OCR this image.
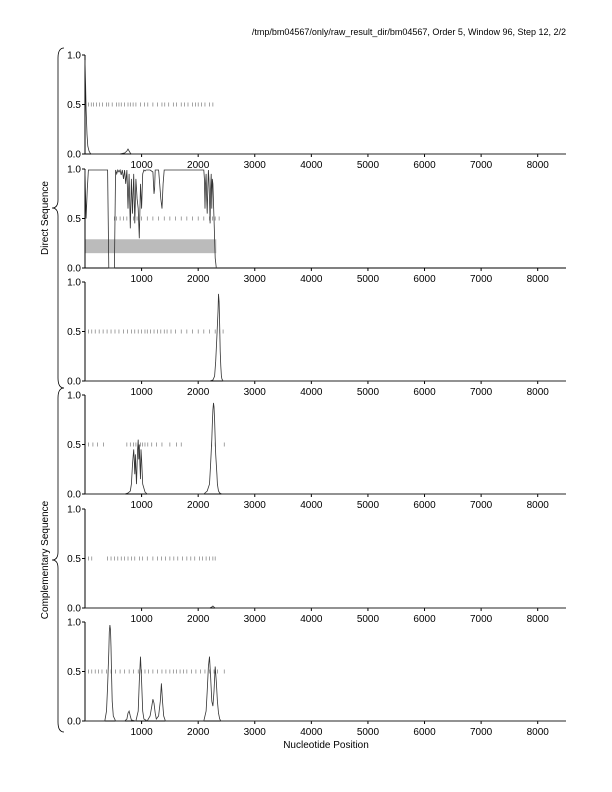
/tmp/bm04567/only/raw_result_dir/bm04567, Order 5, Window 96, Step 12, 2/2
0.0
0.5
1.0
1000	2000	3000	4000	5000	6000	7000	8000
0.0
0.5
1.0
1000	2000	3000	4000	5000	6000	7000	8000
0.0
0.5
1.0
1000	2000	3000	4000	5000	6000	7000	8000
0.0
0.5
1.0
1000	2000	3000	4000	5000	6000	7000	8000
0.0
0.5
1.0
1000	2000	3000	4000	5000	6000	7000	8000
0.0
0.5
1.0
1000	2000	3000	4000	5000	6000	7000	8000
Direct Sequence
Complementary Sequence
Nucleotide Position
